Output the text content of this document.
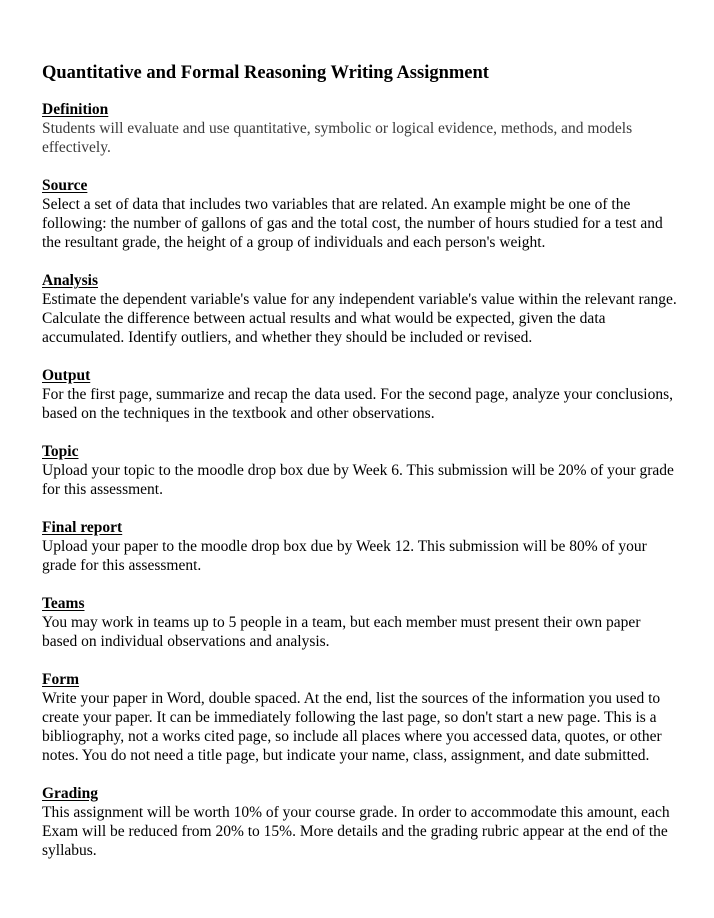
Quantitative and Formal Reasoning Writing Assignment
Definition

Students will evaluate and use quantitative, symbolic or logical evidence, methods, and models effectively.

Source

Select a set of data that includes two variables that are related. An example might be one of the following: the number of gallons of gas and the total cost, the number of hours studied for a test and the resultant grade, the height of a group of individuals and each person's weight.

Analysis

Estimate the dependent variable's value for any independent variable's value within the relevant range. Calculate the difference between actual results and what would be expected, given the data accumulated. Identify outliers, and whether they should be included or revised.

Output

For the first page, summarize and recap the data used. For the second page, analyze your conclusions, based on the techniques in the textbook and other observations.

Topic

Upload your topic to the moodle drop box due by Week 6. This submission will be 20% of your grade for this assessment.

Final report

Upload your paper to the moodle drop box due by Week 12. This submission will be 80% of your grade for this assessment.

Teams

You may work in teams up to 5 people in a team, but each member must present their own paper based on individual observations and analysis.

Form

Write your paper in Word, double spaced. At the end, list the sources of the information you used to create your paper. It can be immediately following the last page, so don't start a new page. This is a bibliography, not a works cited page, so include all places where you accessed data, quotes, or other notes. You do not need a title page, but indicate your name, class, assignment, and date submitted.

Grading

This assignment will be worth 10% of your course grade. In order to accommodate this amount, each Exam will be reduced from 20% to 15%. More details and the grading rubric appear at the end of the syllabus.
